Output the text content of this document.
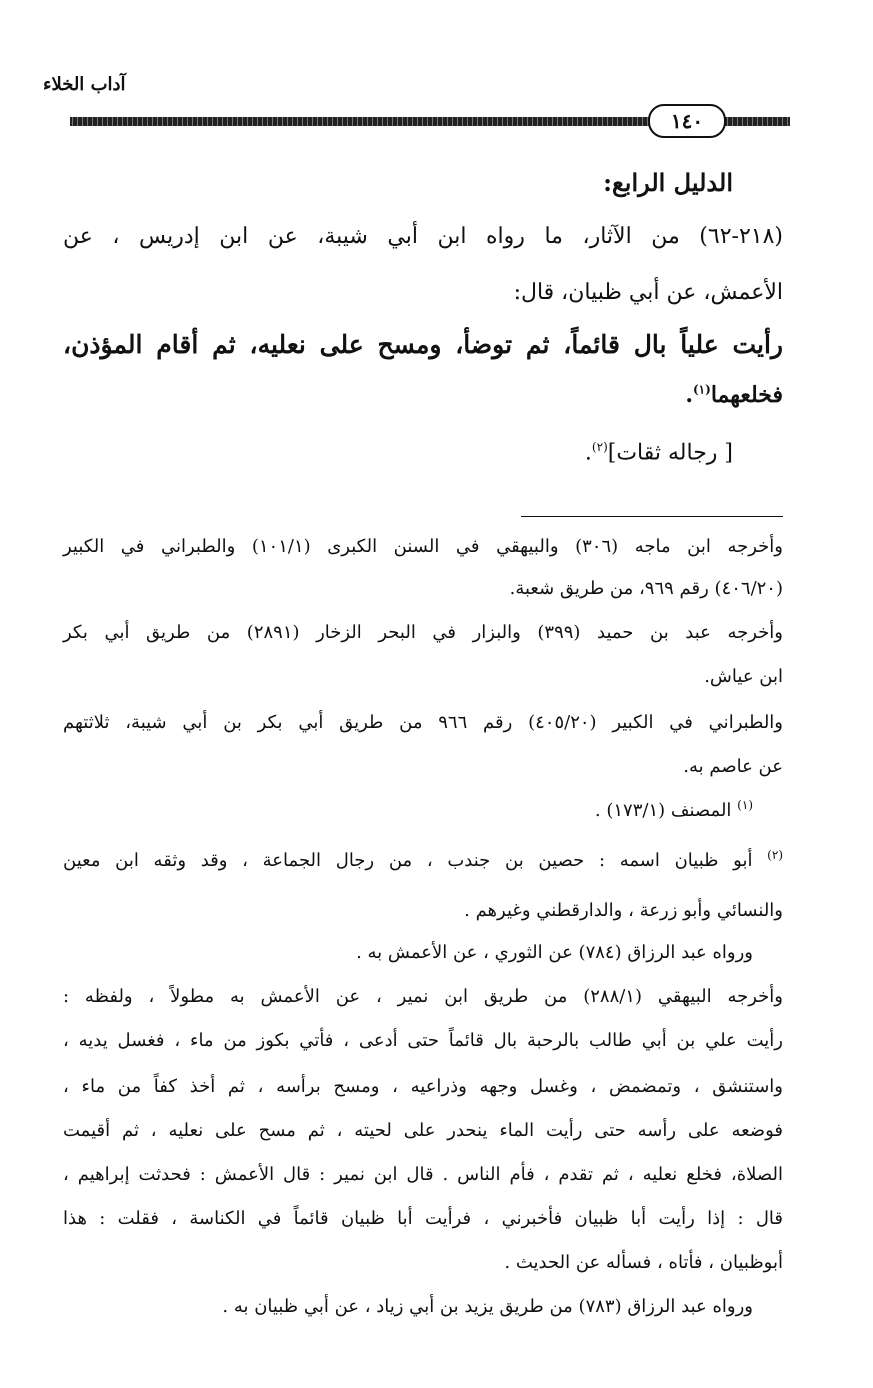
آداب الخلاء
١٤٠
الدليل الرابع:
(٢١٨-٦٢) من الآثار، ما رواه ابن أبي شيبة، عن ابن إدريس ، عن
الأعمش، عن أبي ظبيان، قال:
رأيت علياً بال قائماً، ثم توضأ، ومسح على نعليه، ثم أقام المؤذن،
فخلعهما$^{(١)}$.
[ رجاله ثقات]$^{(٢)}$.
وأخرجه ابن ماجه (٣٠٦) والبيهقي في السنن الكبرى (١٠١/١) والطبراني في الكبير
(٤٠٦/٢٠) رقم ٩٦٩، من طريق شعبة.
وأخرجه عبد بن حميد (٣٩٩) والبزار في البحر الزخار (٢٨٩١) من طريق أبي بكر
ابن عياش.
والطبراني في الكبير (٤٠٥/٢٠) رقم ٩٦٦ من طريق أبي بكر بن أبي شيبة، ثلاثتهم
عن عاصم به.
$^{(١)}$ المصنف (١٧٣/١) .
$^{(٢)}$ أبو ظبيان اسمه : حصين بن جندب ، من رجال الجماعة ، وقد وثقه ابن معين
والنسائي وأبو زرعة ، والدارقطني وغيرهم .
ورواه عبد الرزاق (٧٨٤) عن الثوري ، عن الأعمش به .
وأخرجه البيهقي (٢٨٨/١) من طريق ابن نمير ، عن الأعمش به مطولاً ، ولفظه :
رأيت علي بن أبي طالب بالرحبة بال قائماً حتى أدعى ، فأتي بكوز من ماء ، فغسل يديه ،
واستنشق ، وتمضمض ، وغسل وجهه وذراعيه ، ومسح برأسه ، ثم أخذ كفاً من ماء ،
فوضعه على رأسه حتى رأيت الماء ينحدر على لحيته ، ثم مسح على نعليه ، ثم أقيمت
الصلاة، فخلع نعليه ، ثم تقدم ، فأم الناس . قال ابن نمير : قال الأعمش : فحدثت إبراهيم ،
قال : إذا رأيت أبا ظبيان فأخبرني ، فرأيت أبا ظبيان قائماً في الكناسة ، فقلت : هذا
أبوظبيان ، فأتاه ، فسأله عن الحديث .
ورواه عبد الرزاق (٧٨٣) من طريق يزيد بن أبي زياد ، عن أبي ظبيان به .
